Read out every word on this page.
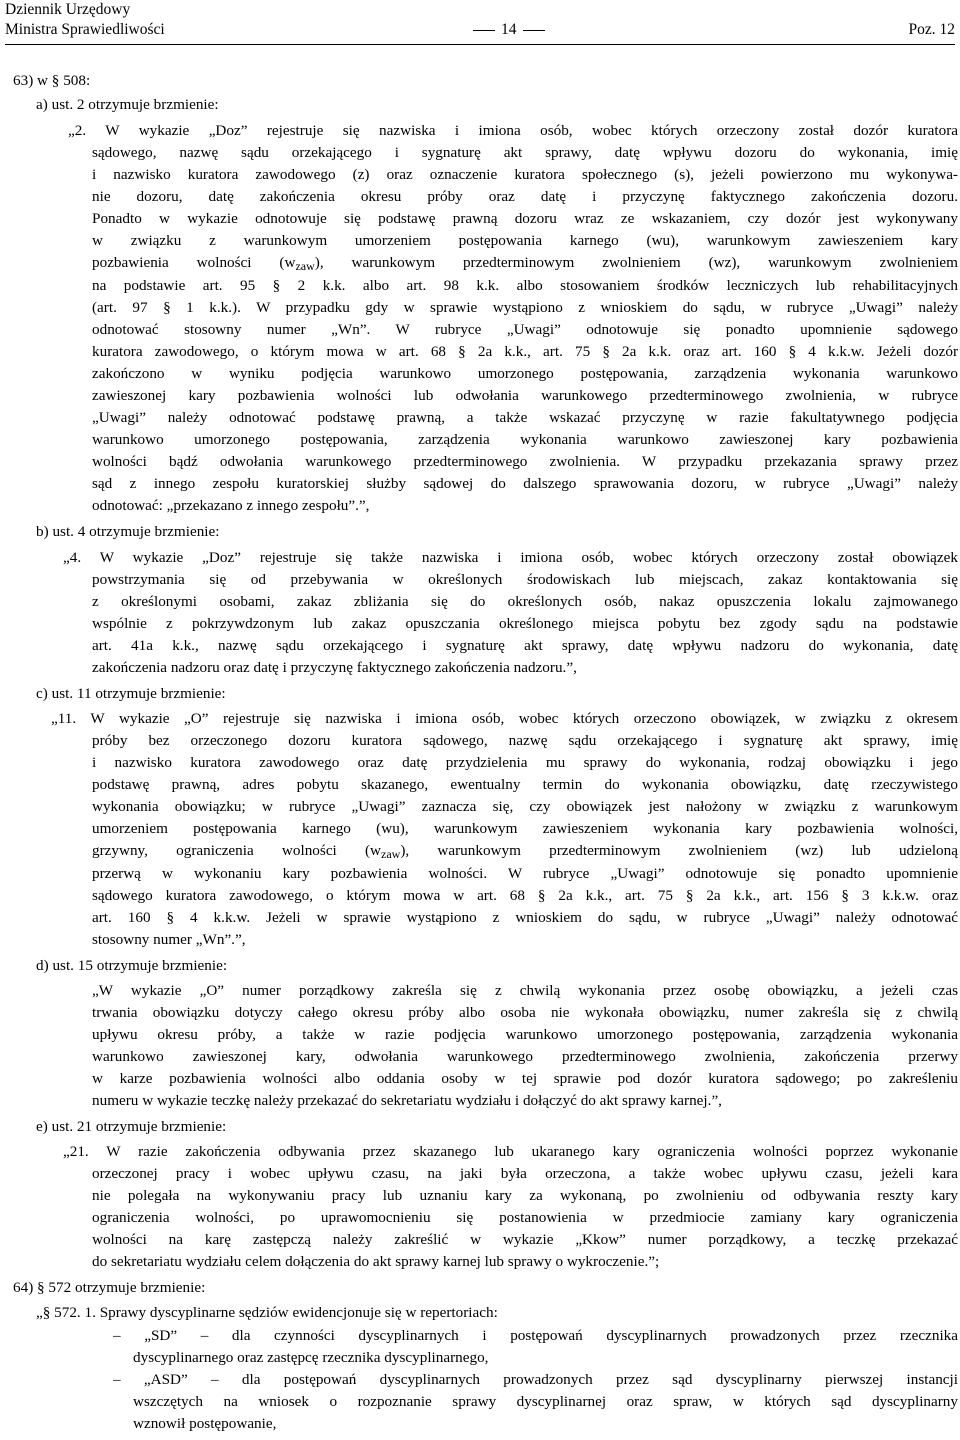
Dziennik Urzędowy
Ministra Sprawiedliwości	14	Poz. 12
63) w § 508:
a) ust. 2 otrzymuje brzmienie:
„2. W wykazie „Doz” rejestruje się nazwiska i imiona osób, wobec których orzeczony został dozór kuratora
sądowego, nazwę sądu orzekającego i sygnaturę akt sprawy, datę wpływu dozoru do wykonania, imię
i nazwisko kuratora zawodowego (z) oraz oznaczenie kuratora społecznego (s), jeżeli powierzono mu wykonywa-
nie dozoru, datę zakończenia okresu próby oraz datę i przyczynę faktycznego zakończenia dozoru.
Ponadto w wykazie odnotowuje się podstawę prawną dozoru wraz ze wskazaniem, czy dozór jest wykonywany
w związku z warunkowym umorzeniem postępowania karnego (wu), warunkowym zawieszeniem kary
pozbawienia wolności $(w_{zaw})$, warunkowym przedterminowym zwolnieniem (wz), warunkowym zwolnieniem
na podstawie art. 95 § 2 k.k. albo art. 98 k.k. albo stosowaniem środków leczniczych lub rehabilitacyjnych
(art. 97 § 1 k.k.). W przypadku gdy w sprawie wystąpiono z wnioskiem do sądu, w rubryce „Uwagi” należy
odnotować stosowny numer „Wn”. W rubryce „Uwagi” odnotowuje się ponadto upomnienie sądowego
kuratora zawodowego, o którym mowa w art. 68 § 2a k.k., art. 75 § 2a k.k. oraz art. 160 § 4 k.k.w. Jeżeli dozór
zakończono w wyniku podjęcia warunkowo umorzonego postępowania, zarządzenia wykonania warunkowo
zawieszonej kary pozbawienia wolności lub odwołania warunkowego przedterminowego zwolnienia, w rubryce
„Uwagi” należy odnotować podstawę prawną, a także wskazać przyczynę w razie fakultatywnego podjęcia
warunkowo umorzonego postępowania, zarządzenia wykonania warunkowo zawieszonej kary pozbawienia
wolności bądź odwołania warunkowego przedterminowego zwolnienia. W przypadku przekazania sprawy przez
sąd z innego zespołu kuratorskiej służby sądowej do dalszego sprawowania dozoru, w rubryce „Uwagi” należy
odnotować: „przekazano z innego zespołu”.”,
b) ust. 4 otrzymuje brzmienie:
„4. W wykazie „Doz” rejestruje się także nazwiska i imiona osób, wobec których orzeczony został obowiązek
powstrzymania się od przebywania w określonych środowiskach lub miejscach, zakaz kontaktowania się
z określonymi osobami, zakaz zbliżania się do określonych osób, nakaz opuszczenia lokalu zajmowanego
wspólnie z pokrzywdzonym lub zakaz opuszczania określonego miejsca pobytu bez zgody sądu na podstawie
art. 41a k.k., nazwę sądu orzekającego i sygnaturę akt sprawy, datę wpływu nadzoru do wykonania, datę
zakończenia nadzoru oraz datę i przyczynę faktycznego zakończenia nadzoru.”,
c) ust. 11 otrzymuje brzmienie:
„11. W wykazie „O” rejestruje się nazwiska i imiona osób, wobec których orzeczono obowiązek, w związku z okresem
próby bez orzeczonego dozoru kuratora sądowego, nazwę sądu orzekającego i sygnaturę akt sprawy, imię
i nazwisko kuratora zawodowego oraz datę przydzielenia mu sprawy do wykonania, rodzaj obowiązku i jego
podstawę prawną, adres pobytu skazanego, ewentualny termin do wykonania obowiązku, datę rzeczywistego
wykonania obowiązku; w rubryce „Uwagi” zaznacza się, czy obowiązek jest nałożony w związku z warunkowym
umorzeniem postępowania karnego (wu), warunkowym zawieszeniem wykonania kary pozbawienia wolności,
grzywny, ograniczenia wolności $(w_{zaw})$, warunkowym przedterminowym zwolnieniem (wz) lub udzieloną
przerwą w wykonaniu kary pozbawienia wolności. W rubryce „Uwagi” odnotowuje się ponadto upomnienie
sądowego kuratora zawodowego, o którym mowa w art. 68 § 2a k.k., art. 75 § 2a k.k., art. 156 § 3 k.k.w. oraz
art. 160 § 4 k.k.w. Jeżeli w sprawie wystąpiono z wnioskiem do sądu, w rubryce „Uwagi” należy odnotować
stosowny numer „Wn”.”,
d) ust. 15 otrzymuje brzmienie:
„W wykazie „O” numer porządkowy zakreśla się z chwilą wykonania przez osobę obowiązku, a jeżeli czas
trwania obowiązku dotyczy całego okresu próby albo osoba nie wykonała obowiązku, numer zakreśla się z chwilą
upływu okresu próby, a także w razie podjęcia warunkowo umorzonego postępowania, zarządzenia wykonania
warunkowo zawieszonej kary, odwołania warunkowego przedterminowego zwolnienia, zakończenia przerwy
w karze pozbawienia wolności albo oddania osoby w tej sprawie pod dozór kuratora sądowego; po zakreśleniu
numeru w wykazie teczkę należy przekazać do sekretariatu wydziału i dołączyć do akt sprawy karnej.”,
e) ust. 21 otrzymuje brzmienie:
„21. W razie zakończenia odbywania przez skazanego lub ukaranego kary ograniczenia wolności poprzez wykonanie
orzeczonej pracy i wobec upływu czasu, na jaki była orzeczona, a także wobec upływu czasu, jeżeli kara
nie polegała na wykonywaniu pracy lub uznaniu kary za wykonaną, po zwolnieniu od odbywania reszty kary
ograniczenia wolności, po uprawomocnieniu się postanowienia w przedmiocie zamiany kary ograniczenia
wolności na karę zastępczą należy zakreślić w wykazie „Kkow” numer porządkowy, a teczkę przekazać
do sekretariatu wydziału celem dołączenia do akt sprawy karnej lub sprawy o wykroczenie.”;
64) § 572 otrzymuje brzmienie:
„§ 572. 1. Sprawy dyscyplinarne sędziów ewidencjonuje się w repertoriach:
– „SD” – dla czynności dyscyplinarnych i postępowań dyscyplinarnych prowadzonych przez rzecznika
dyscyplinarnego oraz zastępcę rzecznika dyscyplinarnego,
– „ASD” – dla postępowań dyscyplinarnych prowadzonych przez sąd dyscyplinarny pierwszej instancji
wszczętych na wniosek o rozpoznanie sprawy dyscyplinarnej oraz spraw, w których sąd dyscyplinarny
wznowił postępowanie,
